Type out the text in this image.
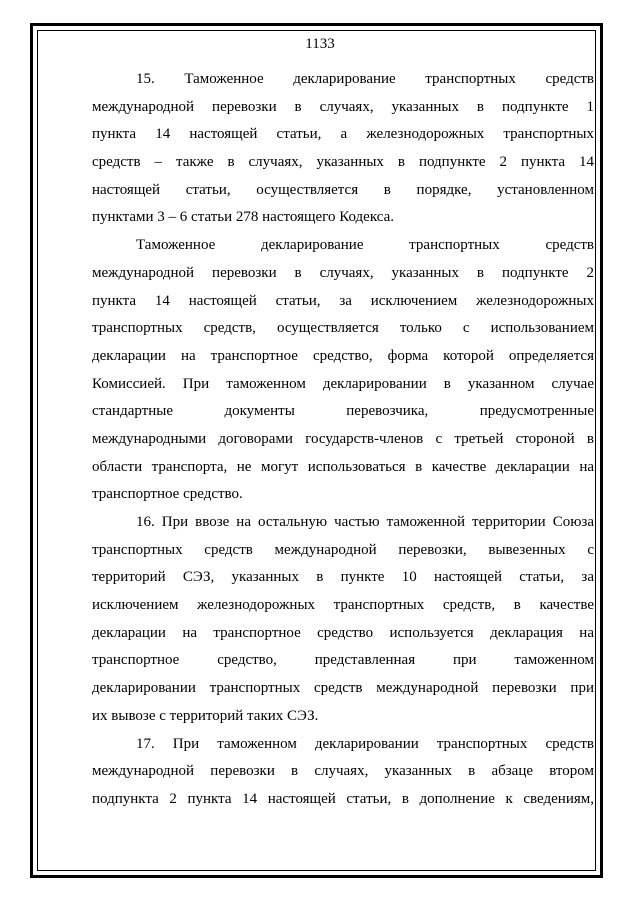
1133
15. Таможенное декларирование транспортных средств
международной перевозки в случаях, указанных в подпункте 1
пункта 14 настоящей статьи, а железнодорожных транспортных
средств – также в случаях, указанных в подпункте 2 пункта 14
настоящей статьи, осуществляется в порядке, установленном
пунктами 3 – 6 статьи 278 настоящего Кодекса.
Таможенное декларирование транспортных средств
международной перевозки в случаях, указанных в подпункте 2
пункта 14 настоящей статьи, за исключением железнодорожных
транспортных средств, осуществляется только с использованием
декларации на транспортное средство, форма которой определяется
Комиссией. При таможенном декларировании в указанном случае
стандартные документы перевозчика, предусмотренные
международными договорами государств-членов с третьей стороной в
области транспорта, не могут использоваться в качестве декларации на
транспортное средство.
16. При ввозе на остальную частью таможенной территории Союза
транспортных средств международной перевозки, вывезенных с
территорий СЭЗ, указанных в пункте 10 настоящей статьи, за
исключением железнодорожных транспортных средств, в качестве
декларации на транспортное средство используется декларация на
транспортное средство, представленная при таможенном
декларировании транспортных средств международной перевозки при
их вывозе с территорий таких СЭЗ.
17. При таможенном декларировании транспортных средств
международной перевозки в случаях, указанных в абзаце втором
подпункта 2 пункта 14 настоящей статьи, в дополнение к сведениям,
